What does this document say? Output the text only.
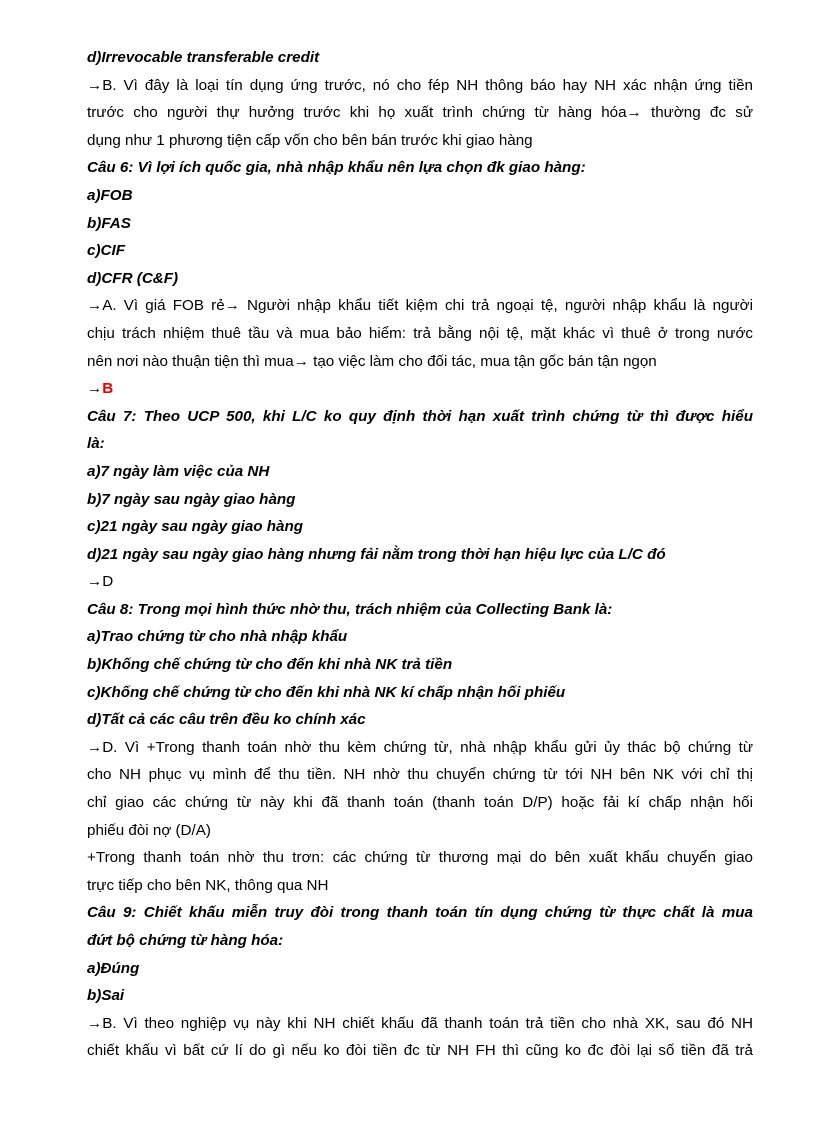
d)Irrevocable transferable credit
→B. Vì đây là loại tín dụng ứng trước, nó cho fép NH thông báo hay NH xác nhận ứng tiền
trước cho người thự hưởng trước khi họ xuất trình chứng từ hàng hóa→ thường đc sử
dụng như 1 phương tiện cấp vốn cho bên bán trước khi giao hàng
Câu 6: Vì lợi ích quốc gia, nhà nhập khẩu nên lựa chọn đk giao hàng:
a)FOB
b)FAS
c)CIF
d)CFR (C&F)
→A. Vì giá FOB rẻ→ Người nhập khẩu tiết kiệm chi trả ngoại tệ, người nhập khẩu là người
chịu trách nhiệm thuê tầu và mua bảo hiểm: trả bằng nội tệ, mặt khác vì thuê ở trong nước
nên nơi nào thuận tiện thì mua→ tạo việc làm cho đối tác, mua tận gốc bán tận ngọn
→B
Câu 7: Theo UCP 500, khi L/C ko quy định thời hạn xuất trình chứng từ thì được hiểu
là:
a)7 ngày làm việc của NH
b)7 ngày sau ngày giao hàng
c)21 ngày sau ngày giao hàng
d)21 ngày sau ngày giao hàng nhưng fải nằm trong thời hạn hiệu lực của L/C đó
→D
Câu 8: Trong mọi hình thức nhờ thu, trách nhiệm của Collecting Bank là:
a)Trao chứng từ cho nhà nhập khẩu
b)Khống chế chứng từ cho đến khi nhà NK trả tiền
c)Khống chế chứng từ cho đến khi nhà NK kí chấp nhận hối phiếu
d)Tất cả các câu trên đều ko chính xác
→D. Vì +Trong thanh toán nhờ thu kèm chứng từ, nhà nhập khẩu gửi ủy thác bộ chứng từ
cho NH phục vụ mình để thu tiền. NH nhờ thu chuyển chứng từ tới NH bên NK với chỉ thị
chỉ giao các chứng từ này khi đã thanh toán (thanh toán D/P) hoặc fải kí chấp nhận hối
phiếu đòi nợ (D/A)
+Trong thanh toán nhờ thu trơn: các chứng từ thương mại do bên xuất khẩu chuyển giao
trực tiếp cho bên NK, thông qua NH
Câu 9: Chiết khấu miễn truy đòi trong thanh toán tín dụng chứng từ thực chất là mua
đứt bộ chứng từ hàng hóa:
a)Đúng
b)Sai
→B. Vì theo nghiệp vụ này khi NH chiết khấu đã thanh toán trả tiền cho nhà XK, sau đó NH
chiết khấu vì bất cứ lí do gì nếu ko đòi tiền đc từ NH FH thì cũng ko đc đòi lại số tiền đã trả
